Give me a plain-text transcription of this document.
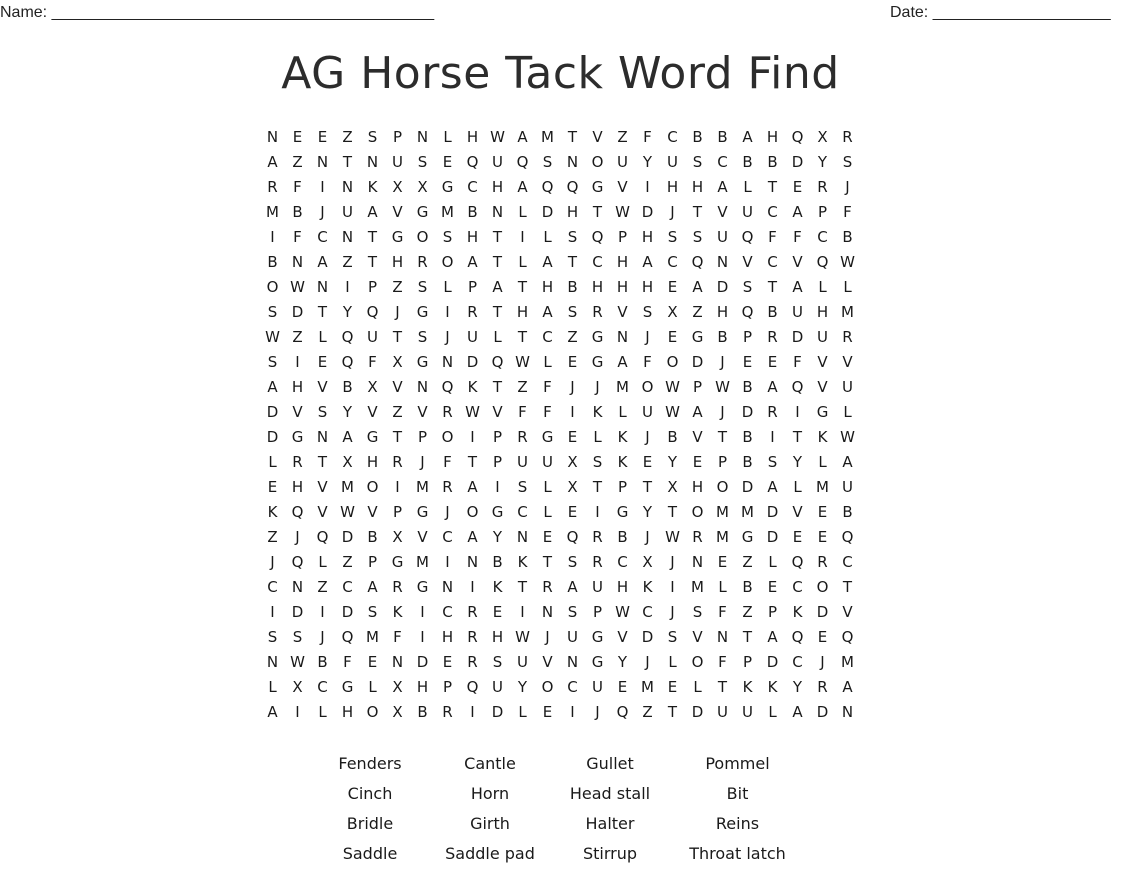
Name: ___________________________________________	Date: ____________________
AG Horse Tack Word Find
N E	E	Z	S	P N	L	H W A M T	V Z	F	C B B A H Q X R
A Z N T N U S	E Q U Q S N O U Y U S C B B D Y	S
R	F	I	N K X X G C H A Q Q G V	I	H H A	L	T	E	R	J
M B	J	U A V G M B N	L	D H T W D	J	T	V U C A	P	F
I	F	C N T G O S H T	I	L	S Q P H S	S U Q F	F	C B
B N A Z	T H R O A	T	L	A	T	C H A C Q N V C V Q W
O W N	I	P	Z	S	L	P	A	T H B H H H E	A D S	T	A	L	L
S D T	Y Q	J	G	I	R	T H A	S	R V	S	X Z H Q B U H M
W Z	L Q U T	S	J	U	L	T	C Z G N	J	E G B	P	R D U R
S	I	E Q F	X G N D Q W L	E G A	F O D	J	E	E	F	V V
A H V B X V N Q K	T	Z	F	J	J	M O W P W B A Q V U
D V	S	Y	V Z V R W V	F	F	I	K	L	U W A	J	D R	I	G	L
D G N A G T	P O	I	P	R G E	L	K	J	B V	T	B	I	T	K W
L	R	T	X H R	J	F	T	P U U X	S	K	E	Y	E	P	B	S	Y	L	A
E H V M O	I	M R A	I	S	L	X	T	P	T	X H O D A	L M U
K Q V W V	P G	J	O G C	L	E	I	G Y	T O M M D V	E	B
Z	J	Q D B X V C A	Y N E Q R B	J	W R M G D E	E Q
J	Q L	Z	P G M	I	N B K	T	S	R C X	J	N E	Z	L Q R C
C N Z C A R G N	I	K	T	R A U H K	I	M L	B	E	C O T
I	D	I	D S	K	I	C R	E	I	N S	P W C	J	S	F	Z	P	K D V
S	S	J	Q M F	I	H R H W	J	U G V D S	V N T	A Q E Q
N W B	F	E N D E	R	S U V N G Y	J	L O F	P D C	J	M
L	X C G	L	X H P Q U Y O C U E M E	L	T	K	K	Y	R A
A	I	L	H O X B R	I	D	L	E	I	J	Q Z	T D U U	L	A D N
Fenders	Cantle	Gullet	Pommel
Cinch	Horn	Head stall	Bit
Bridle	Girth	Halter	Reins
Saddle	Saddle pad	Stirrup	Throat latch
